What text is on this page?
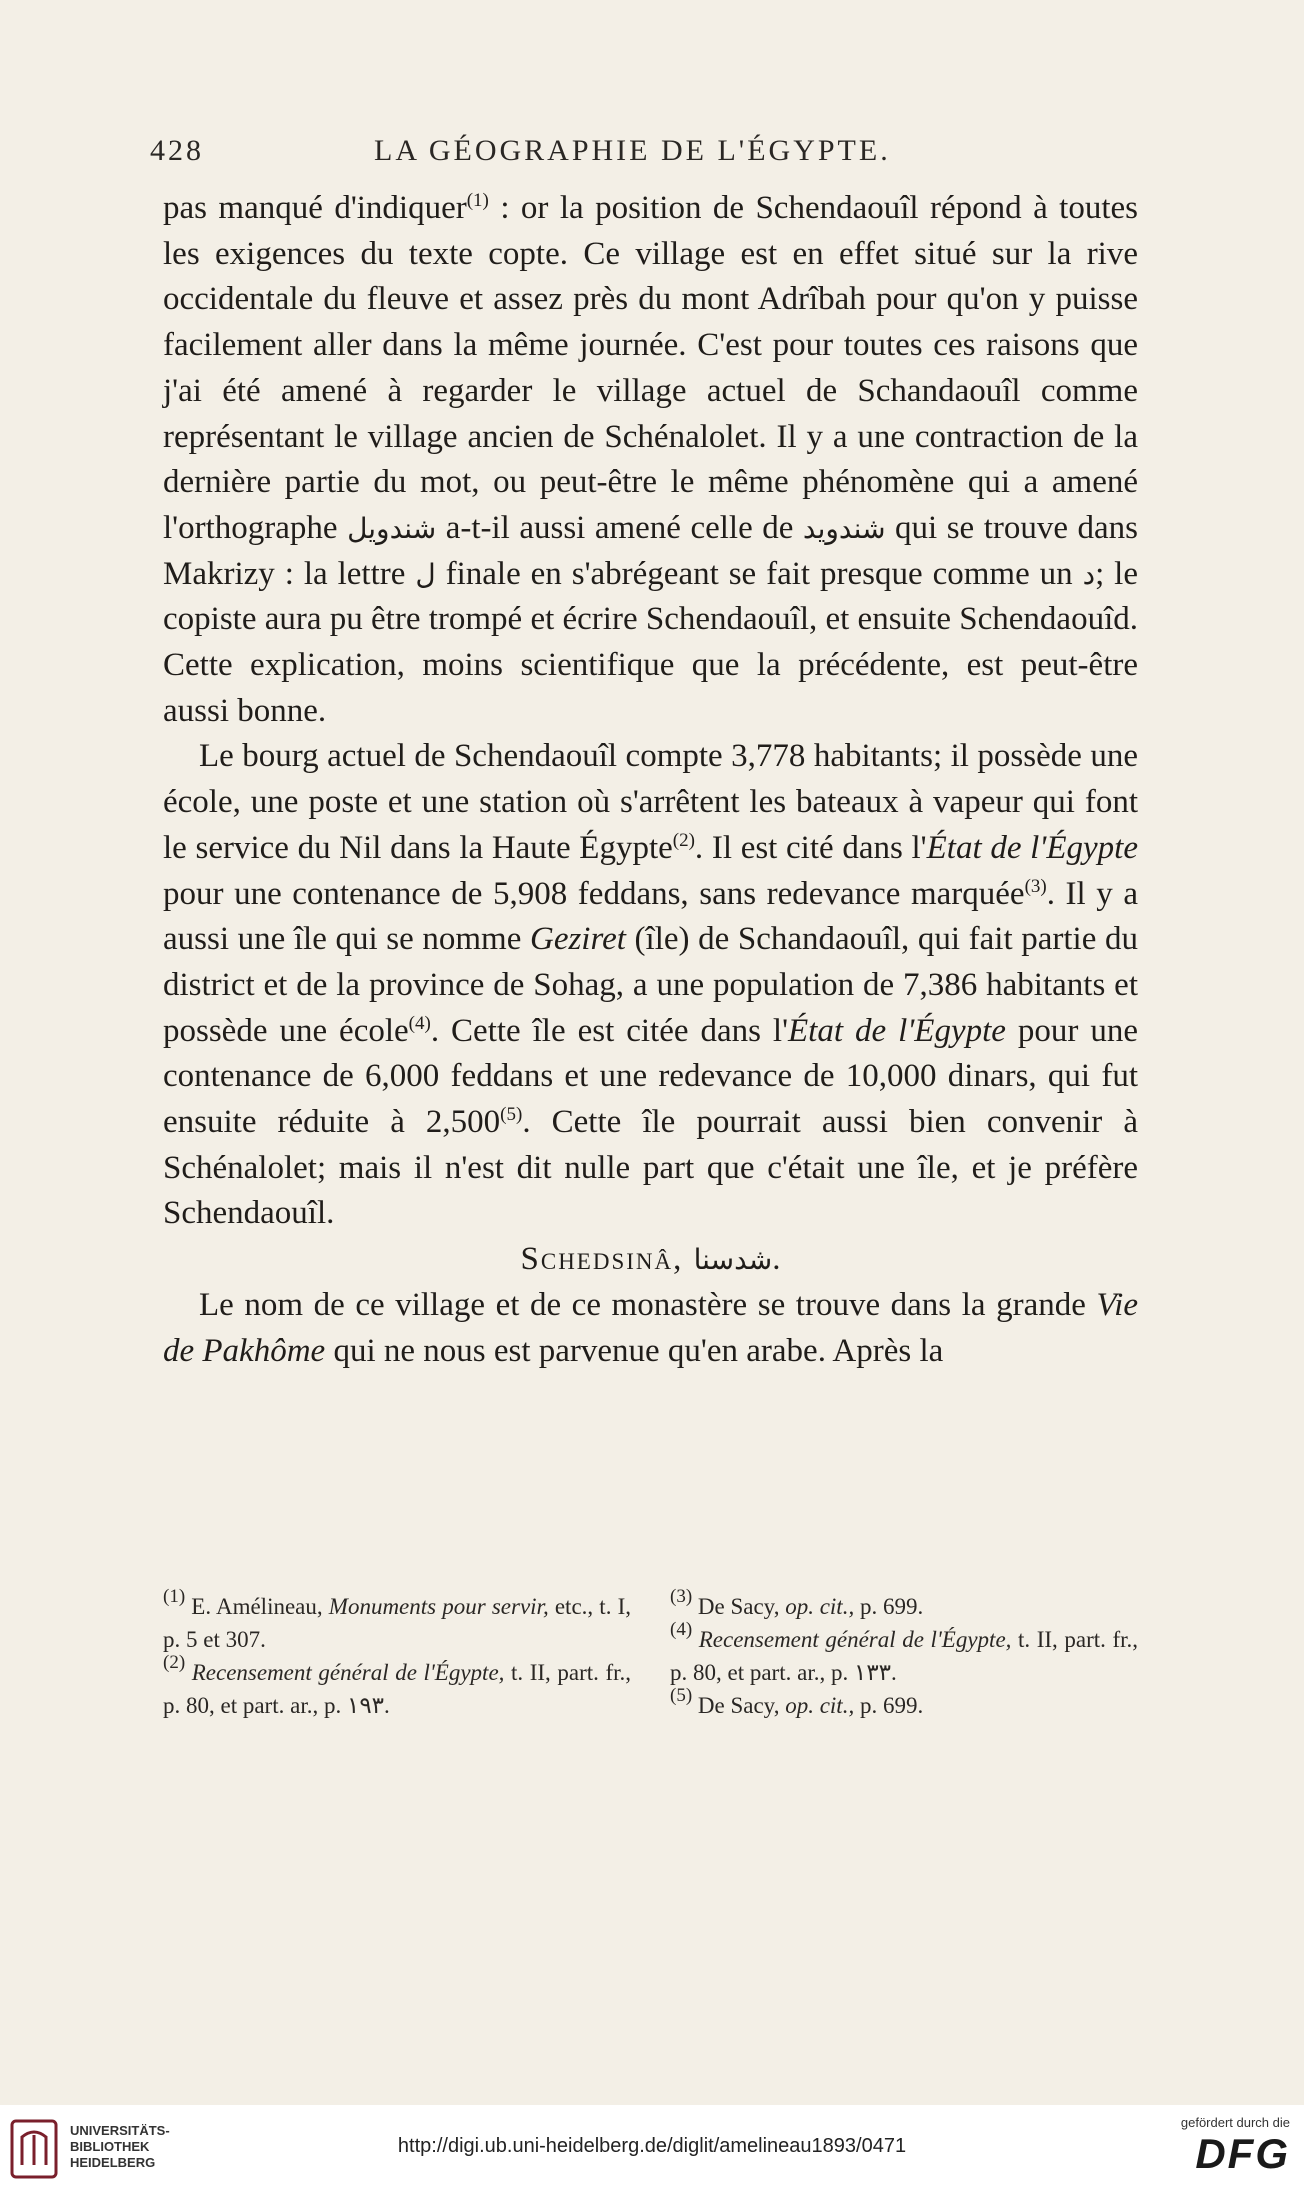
428	LA GÉOGRAPHIE DE L'ÉGYPTE.

pas manqué d'indiquer$^{(1)}$ : or la position de Schendaouîl répond à toutes les exigences du texte copte. Ce village est en effet situé sur la rive occidentale du fleuve et assez près du mont Adrîbah pour qu'on y puisse facilement aller dans la même journée. C'est pour toutes ces raisons que j'ai été amené à regarder le village actuel de Schandaouîl comme représentant le village ancien de Schénalolet. Il y a une contraction de la dernière partie du mot, ou peut-être le même phénomène qui a amené l'orthographe شندويل a-t-il aussi amené celle de شندويد qui se trouve dans Makrizy : la lettre ل finale en s'abrégeant se fait presque comme un د; le copiste aura pu être trompé et écrire Schendaouîl, et ensuite Schendaouîd. Cette explication, moins scientifique que la précédente, est peut-être aussi bonne.

Le bourg actuel de Schendaouîl compte 3,778 habitants; il possède une école, une poste et une station où s'arrêtent les bateaux à vapeur qui font le service du Nil dans la Haute Égypte$^{(2)}$. Il est cité dans l'État de l'Égypte pour une contenance de 5,908 feddans, sans redevance marquée$^{(3)}$. Il y a aussi une île qui se nomme Geziret (île) de Schandaouîl, qui fait partie du district et de la province de Sohag, a une population de 7,386 habitants et possède une école$^{(4)}$. Cette île est citée dans l'État de l'Égypte pour une contenance de 6,000 feddans et une redevance de 10,000 dinars, qui fut ensuite réduite à 2,500$^{(5)}$. Cette île pourrait aussi bien convenir à Schénalolet; mais il n'est dit nulle part que c'était une île, et je préfère Schendaouîl.

Schedsinâ, شدسنا.

Le nom de ce village et de ce monastère se trouve dans la grande Vie de Pakhôme qui ne nous est parvenue qu'en arabe. Après la

$^{(1)}$ E. Amélineau, Monuments pour servir, etc., t. I, p. 5 et 307.

$^{(2)}$ Recensement général de l'Égypte, t. II, part. fr., p. 80, et part. ar., p. ١٩٣.

$^{(3)}$ De Sacy, op. cit., p. 699.

$^{(4)}$ Recensement général de l'Égypte, t. II, part. fr., p. 80, et part. ar., p. ١٣٣.

$^{(5)}$ De Sacy, op. cit., p. 699.

UNIVERSITÄTS-
BIBLIOTHEK
HEIDELBERG
http://digi.ub.uni-heidelberg.de/diglit/amelineau1893/0471
gefördert durch die
DFG
